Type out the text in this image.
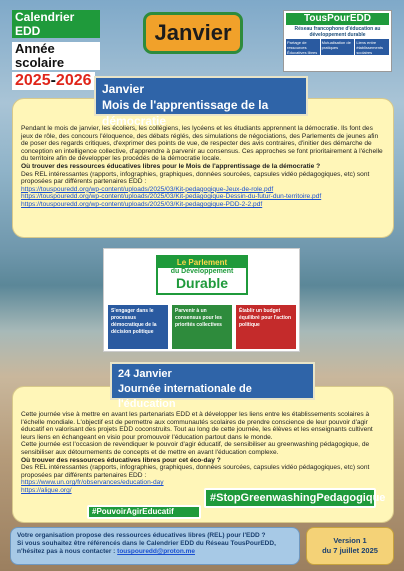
Calendrier EDD
Année scolaire
2025-2026
Janvier
TousPourEDD
Réseau francophone d'éducation au développement durable
Partage de ressources Éducatives libres
Mutualisation de pratiques
Liens entre établissements scolaires

Pendant le mois de janvier, les écoliers, les collégiens, les lycéens et les étudiants apprennent la démocratie. Ils font des jeux de rôle, des concours l'éloquence, des débats réglés, des simulations de négociations, des Parlements de jeunes afin de poser des regards critiques, d'exprimer des points de vue, de respecter des avis contraires, d'initier des démarche de conception en intelligence collective, d'apprendre à parvenir au consensus. Ces approches se font prioritairement à l'échelle du territoire afin de développer les procédés de la démocratie locale.

Où trouver des ressources éducatives libres pour le Mois de l'apprentissage de la démocratie ?

Des REL intéressantes (rapports, infographies, graphiques, données sourcées, capsules vidéo pédagogiques, etc) sont proposées par différents partenaires EDD :

https://touspouredd.org/wp-content/uploads/2025/03/Kit-pedagogique-Jeux-de-role.pdf
https://touspouredd.org/wp-content/uploads/2025/03/Kit-pedagogique-Dessin-du-futur-dun-territoire.pdf
https://touspouredd.org/wp-content/uploads/2025/03/Kit-pedagogique-PDD-2-2.pdf
Janvier
Mois de l'apprentissage de la démocratie
Le Parlement
du Développement
Durable
S'engager dans le processus démocratique de la décision politique
Parvenir à un consensus pour les priorités collectives
Établir un budget équilibré pour l'action politique

Cette journée vise à mettre en avant les partenariats EDD et à développer les liens entre les établissements scolaires à l'échelle mondiale. L'objectif est de permettre aux communautés scolaires de prendre conscience de leur pouvoir d'agir éducatif en valorisant des projets EDD coconstruits. Tout au long de cette journée, les élèves et les enseignants cultivent leurs liens en échangeant en visio pour promouvoir l'éducation partout dans le monde.

Cette journée est l'occasion de revendiquer le pouvoir d'agir éducatif, de sensibiliser au greenwashing pédagogique, de sensibiliser aux détournements de concepts et de mettre en avant l'éducation complexe.

Où trouver des ressources éducatives libres pour cet éco-day ?

Des REL intéressantes (rapports, infographies, graphiques, données sourcées, capsules vidéo pédagogiques, etc) sont proposées par différents partenaires EDD :

https://www.un.org/fr/observances/education-day
https://aligue.org/
24 Janvier
Journée internationale de l'éducation
#PouvoirAgirEducatif
#StopGreenwashingPedagogique
Votre organisation propose des ressources éducatives libres (REL) pour l'EDD ?
Si vous souhaitez être référencés dans le Calendrier EDD du Réseau TousPourEDD,
n'hésitez pas à nous contacter : touspouredd@proton.me
Version 1
du 7 juillet 2025
